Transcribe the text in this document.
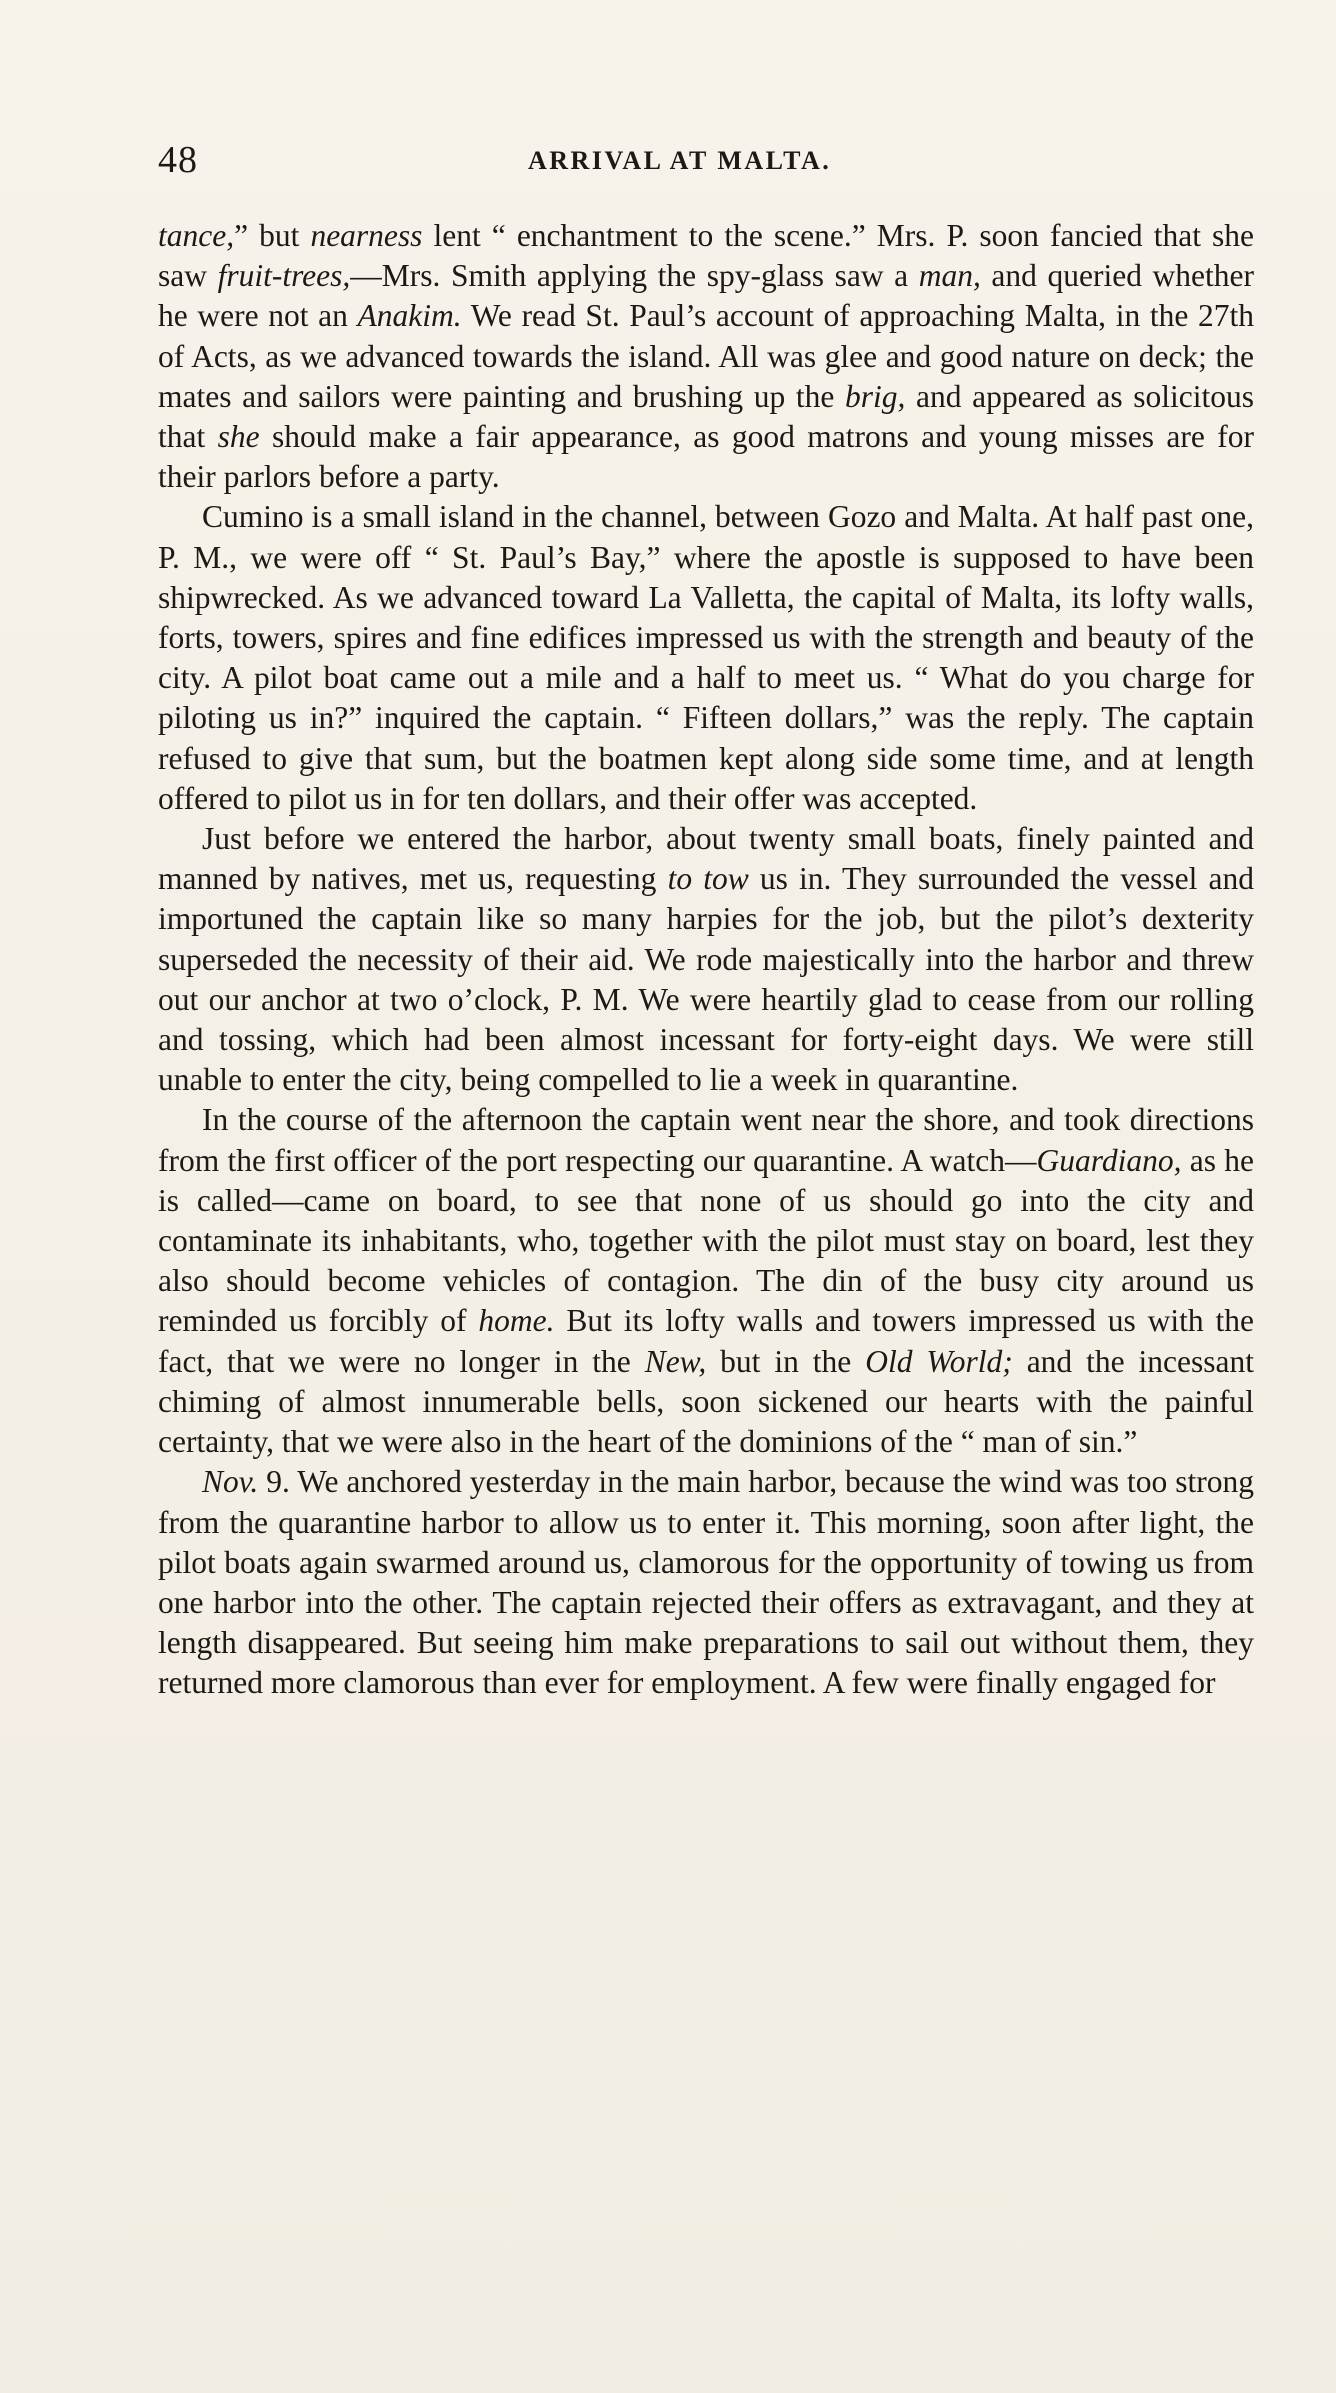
48	ARRIVAL AT MALTA.

tance,” but nearness lent “ enchantment to the scene.” Mrs. P. soon fancied that she saw fruit-trees,—Mrs. Smith applying the spy-glass saw a man, and queried whether he were not an Anakim. We read St. Paul’s account of approaching Malta, in the 27th of Acts, as we advanced towards the island. All was glee and good nature on deck; the mates and sailors were painting and brushing up the brig, and appeared as solicitous that she should make a fair appearance, as good matrons and young misses are for their parlors before a party.

Cumino is a small island in the channel, between Gozo and Malta. At half past one, P. M., we were off “ St. Paul’s Bay,” where the apostle is supposed to have been shipwrecked. As we advanced toward La Valletta, the capital of Malta, its lofty walls, forts, towers, spires and fine edifices impressed us with the strength and beauty of the city. A pilot boat came out a mile and a half to meet us. “ What do you charge for piloting us in?” inquired the captain. “ Fifteen dollars,” was the reply. The captain refused to give that sum, but the boatmen kept along side some time, and at length offered to pilot us in for ten dollars, and their offer was accepted.

Just before we entered the harbor, about twenty small boats, finely painted and manned by natives, met us, requesting to tow us in. They surrounded the vessel and importuned the captain like so many harpies for the job, but the pilot’s dexterity superseded the necessity of their aid. We rode majestically into the harbor and threw out our anchor at two o’clock, P. M. We were heartily glad to cease from our rolling and tossing, which had been almost incessant for forty-eight days. We were still unable to enter the city, being compelled to lie a week in quarantine.

In the course of the afternoon the captain went near the shore, and took directions from the first officer of the port respecting our quarantine. A watch—Guardiano, as he is called—came on board, to see that none of us should go into the city and contaminate its inhabitants, who, together with the pilot must stay on board, lest they also should become vehicles of contagion. The din of the busy city around us reminded us forcibly of home. But its lofty walls and towers impressed us with the fact, that we were no longer in the New, but in the Old World; and the incessant chiming of almost innumerable bells, soon sickened our hearts with the painful certainty, that we were also in the heart of the dominions of the “ man of sin.”

Nov. 9. We anchored yesterday in the main harbor, because the wind was too strong from the quarantine harbor to allow us to enter it. This morning, soon after light, the pilot boats again swarmed around us, clamorous for the opportunity of towing us from one harbor into the other. The captain rejected their offers as extravagant, and they at length disappeared. But seeing him make preparations to sail out without them, they returned more clamorous than ever for employment. A few were finally engaged for
